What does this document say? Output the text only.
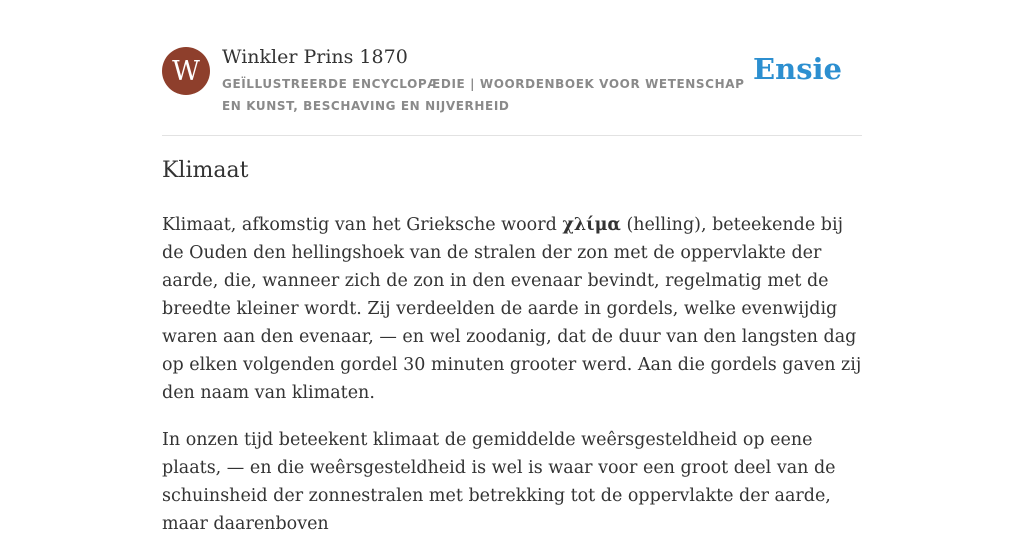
W	Winkler Prins 1870
GEÏLLUSTREERDE ENCYCLOPÆDIE | WOORDENBOEK VOOR WETENSCHAP EN KUNST, BESCHAVING EN NIJVERHEID
Ensie
Klimaat

Klimaat, afkomstig van het Grieksche woord χλίμα (helling), beteekende bij de Ouden den hellingshoek van de stralen der zon met de oppervlakte der aarde, die, wanneer zich de zon in den evenaar bevindt, regelmatig met de breedte kleiner wordt. Zij verdeelden de aarde in gordels, welke evenwijdig waren aan den evenaar, — en wel zoodanig, dat de duur van den langsten dag op elken volgenden gordel 30 minuten grooter werd. Aan die gordels gaven zij den naam van klimaten.

In onzen tijd beteekent klimaat de gemiddelde weêrsgesteldheid op eene plaats, — en die weêrsgesteldheid is wel is waar voor een groot deel van de schuinsheid der zonnestralen met betrekking tot de oppervlakte der aarde, maar daarenboven
